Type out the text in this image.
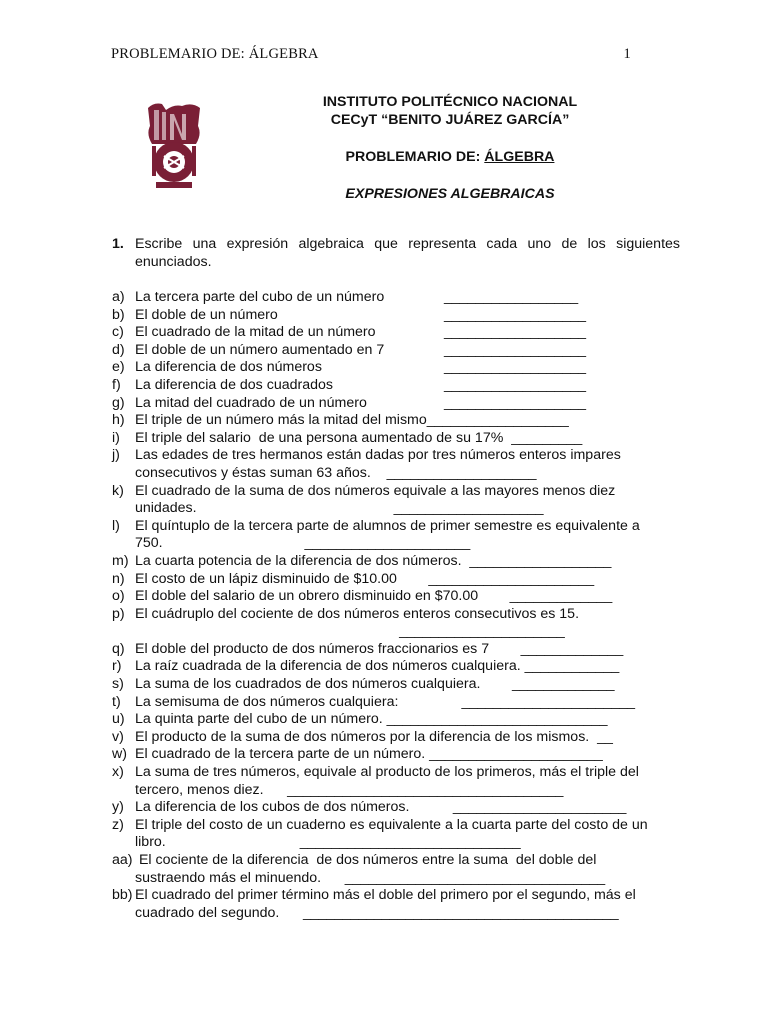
PROBLEMARIO DE: ÁLGEBRA	1
INSTITUTO POLITÉCNICO NACIONAL
CECyT “BENITO JUÁREZ GARCÍA”
PROBLEMARIO DE: ÁLGEBRA
EXPRESIONES ALGEBRAICAS
1. Escribe una expresión algebraica que representa cada uno de los siguientes enunciados.
a) La tercera parte del cubo de un número	_________________
b) El doble de un número	__________________
c) El cuadrado de la mitad de un número	__________________
d) El doble de un número aumentado en 7	__________________
e) La diferencia de dos números	__________________
f) La diferencia de dos cuadrados	__________________
g) La mitad del cuadrado de un número	__________________
h) El triple de un número más la mitad del mismo__________________
i) El triple del salario  de una persona aumentado de su 17%  _________
j) Las edades de tres hermanos están dadas por tres números enteros impares
consecutivos y éstas suman 63 años.    ___________________
k) El cuadrado de la suma de dos números equivale a las mayores menos diez
unidades.                                                  ___________________
l) El quíntuplo de la tercera parte de alumnos de primer semestre es equivalente a
750.                                    _____________________
m) La cuarta potencia de la diferencia de dos números.  __________________
n) El costo de un lápiz disminuido de $10.00        _____________________
o) El doble del salario de un obrero disminuido en $70.00        _____________
p) El cuádruplo del cociente de dos números enteros consecutivos es 15.
_____________________
q) El doble del producto de dos números fraccionarios es 7        _____________
r) La raíz cuadrada de la diferencia de dos números cualquiera. ____________
s) La suma de los cuadrados de dos números cualquiera.        _____________
t) La semisuma de dos números cualquiera:                ______________________
u) La quinta parte del cubo de un número. ____________________________
v) El producto de la suma de dos números por la diferencia de los mismos.  __
w) El cuadrado de la tercera parte de un número. ______________________
x) La suma de tres números, equivale al producto de los primeros, más el triple del
tercero, menos diez.      ___________________________________
y) La diferencia de los cubos de dos números.           ______________________
z) El triple del costo de un cuaderno es equivalente a la cuarta parte del costo de un
libro.                                  ____________________________
aa) El cociente de la diferencia  de dos números entre la suma  del doble del
sustraendo más el minuendo.      _________________________________
bb) El cuadrado del primer término más el doble del primero por el segundo, más el
cuadrado del segundo.      ________________________________________
